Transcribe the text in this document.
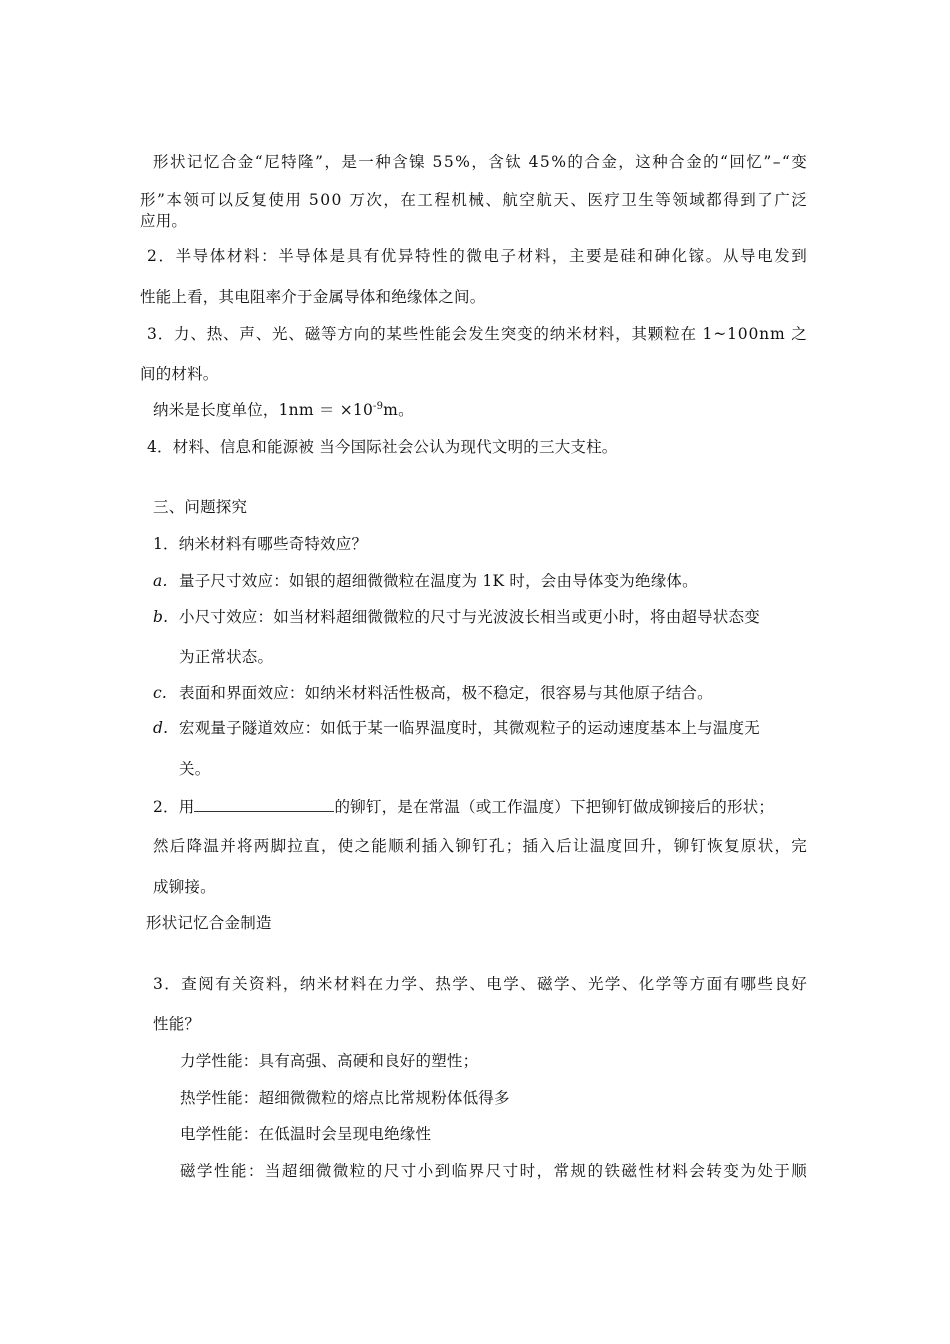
形状记忆合金“尼特隆”，是一种含镍 55%，含钛 45%的合金，这种合金的“回忆”–“变
形”本领可以反复使用 500 万次，在工程机械、航空航天、医疗卫生等领域都得到了广泛
应用。
2．半导体材料：半导体是具有优异特性的微电子材料，主要是硅和砷化镓。从导电发到
性能上看，其电阻率介于金属导体和绝缘体之间。
3．力、热、声、光、磁等方向的某些性能会发生突变的纳米材料，其颗粒在 1~100nm 之
间的材料。
纳米是长度单位，$1nm = \times 10^{-9}m$。
4．材料、信息和能源被 当今国际社会公认为现代文明的三大支柱。
三、问题探究
1．纳米材料有哪些奇特效应？
a. 量子尺寸效应：如银的超细微微粒在温度为 1K 时，会由导体变为绝缘体。
b. 小尺寸效应：如当材料超细微微粒的尺寸与光波波长相当或更小时，将由超导状态变
为正常状态。
c. 表面和界面效应：如纳米材料活性极高，极不稳定，很容易与其他原子结合。
d. 宏观量子隧道效应：如低于某一临界温度时，其微观粒子的运动速度基本上与温度无
关。
2．用	的铆钉，是在常温（或工作温度）下把铆钉做成铆接后的形状；
然后降温并将两脚拉直，使之能顺利插入铆钉孔；插入后让温度回升，铆钉恢复原状，完
成铆接。
形状记忆合金制造
3．查阅有关资料，纳米材料在力学、热学、电学、磁学、光学、化学等方面有哪些良好
性能？
力学性能：具有高强、高硬和良好的塑性；
热学性能：超细微微粒的熔点比常规粉体低得多
电学性能：在低温时会呈现电绝缘性
磁学性能：当超细微微粒的尺寸小到临界尺寸时，常规的铁磁性材料会转变为处于顺
